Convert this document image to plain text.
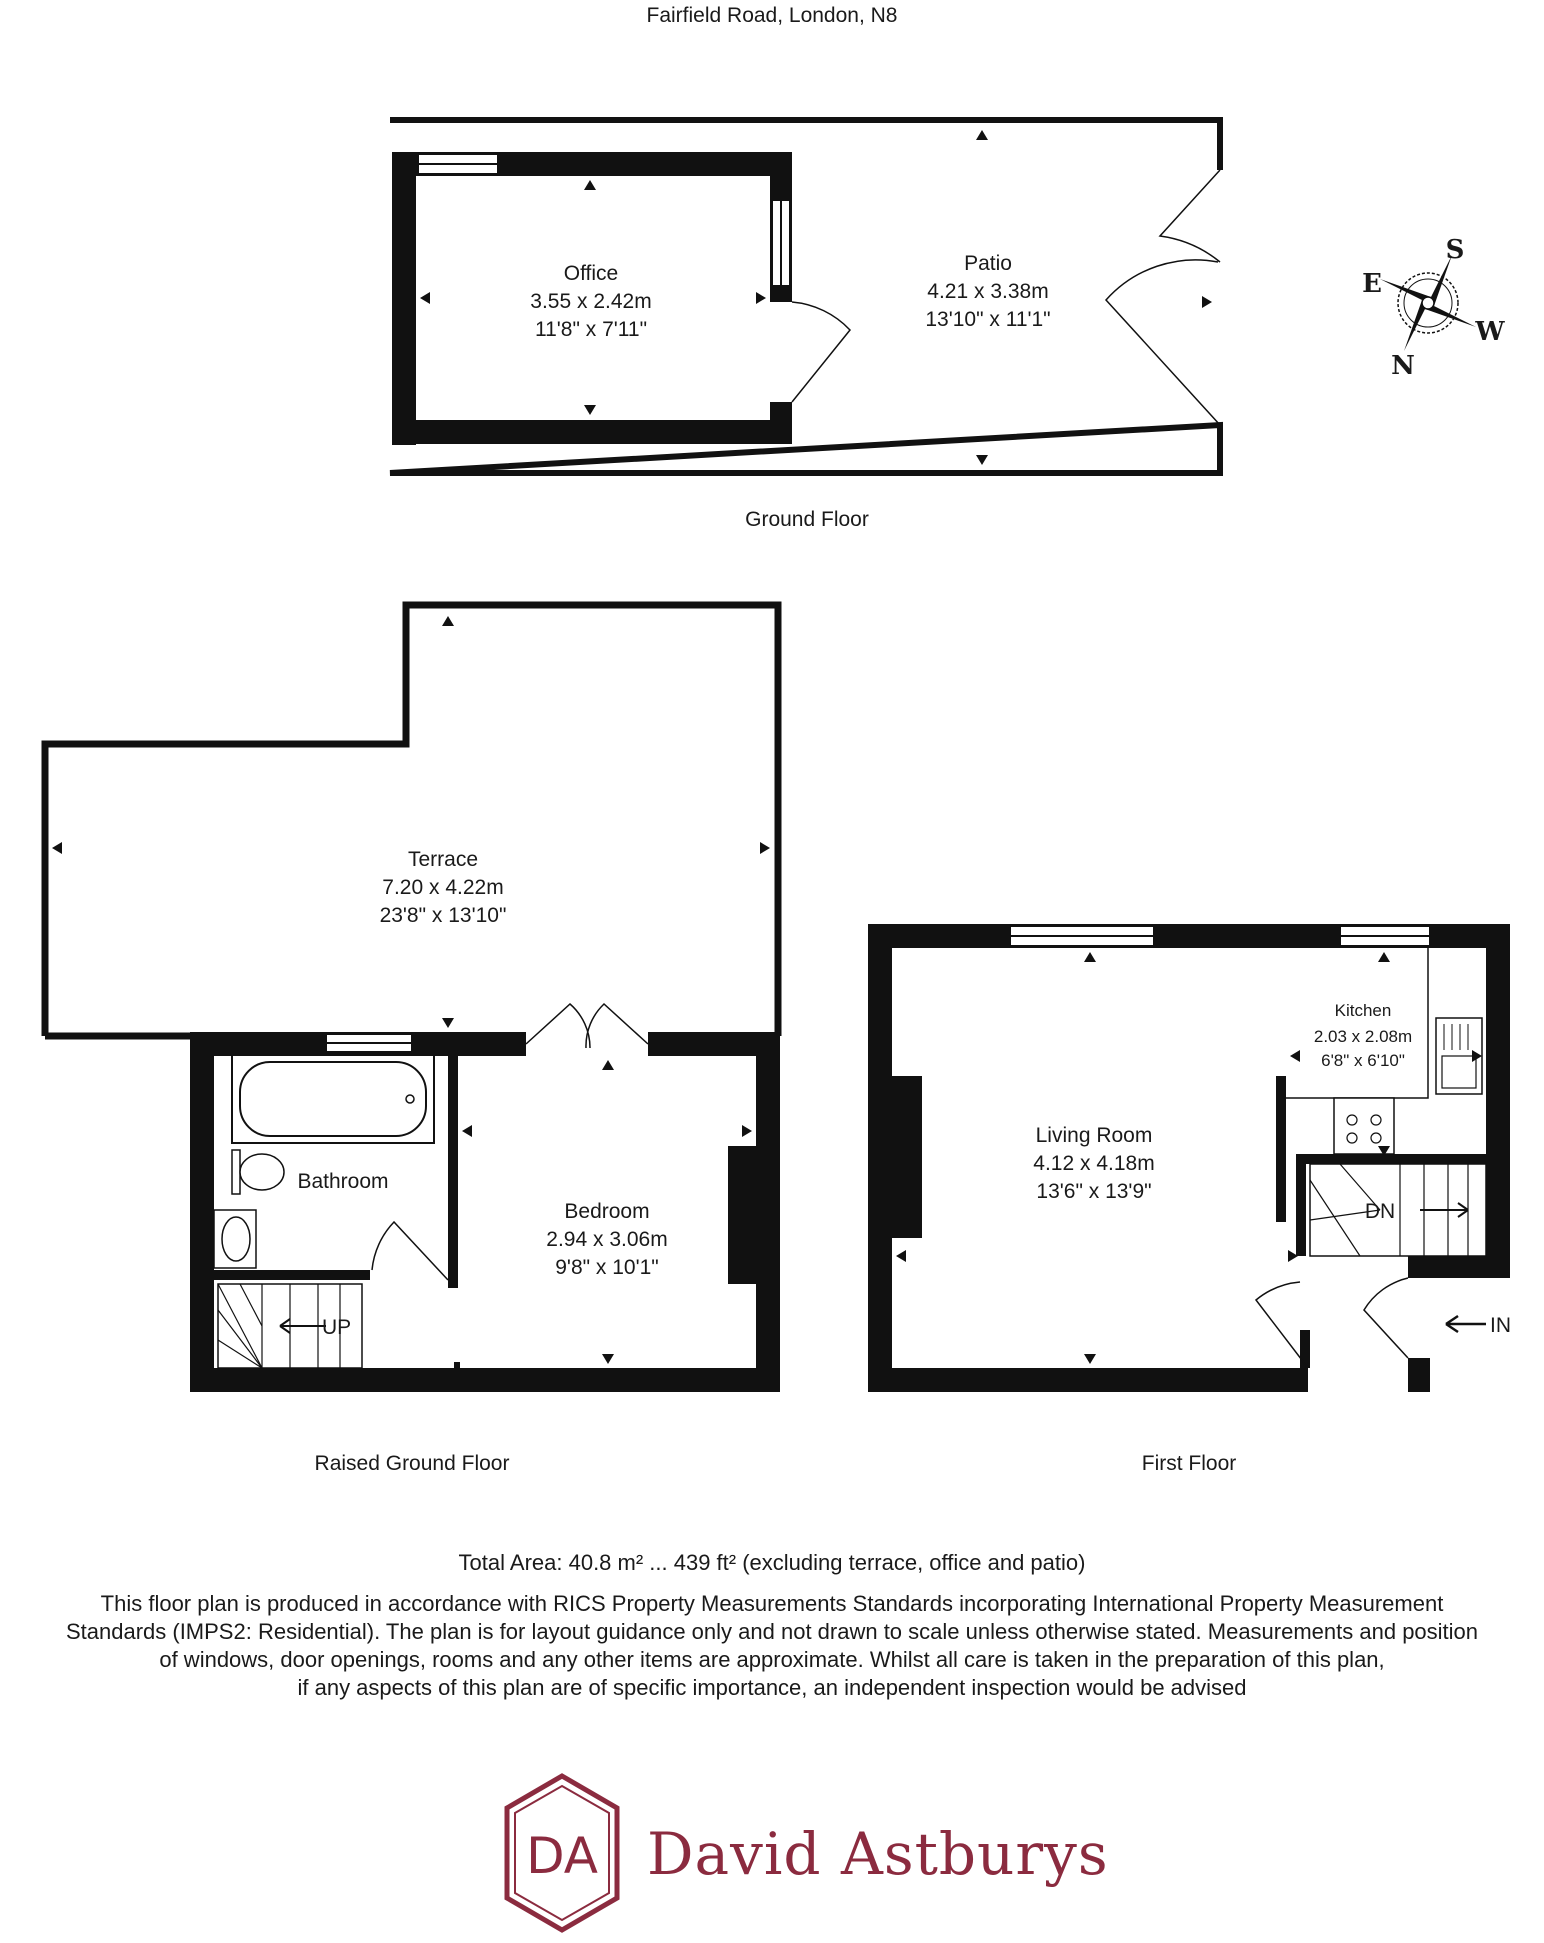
Fairfield Road, London, N8
Office
3.55 x 2.42m
11'8" x 7'11"
Patio
4.21 x 3.38m
13'10" x 11'1"
Ground Floor
S
E
W
N
UP
Terrace
7.20 x 4.22m
23'8" x 13'10"
Bathroom
Bedroom
2.94 x 3.06m
9'8" x 10'1"
Raised Ground Floor
DN
IN
Living Room
4.12 x 4.18m
13'6" x 13'9"
Kitchen
2.03 x 2.08m
6'8" x 6'10"
First Floor
Total Area: 40.8 m² ... 439 ft² (excluding terrace, office and patio)
This floor plan is produced in accordance with RICS Property Measurements Standards incorporating International Property Measurement
Standards (IMPS2: Residential). The plan is for layout guidance only and not drawn to scale unless otherwise stated. Measurements and position
of windows, door openings, rooms and any other items are approximate. Whilst all care is taken in the preparation of this plan,
if any aspects of this plan are of specific importance, an independent inspection would be advised
DA David Astburys
